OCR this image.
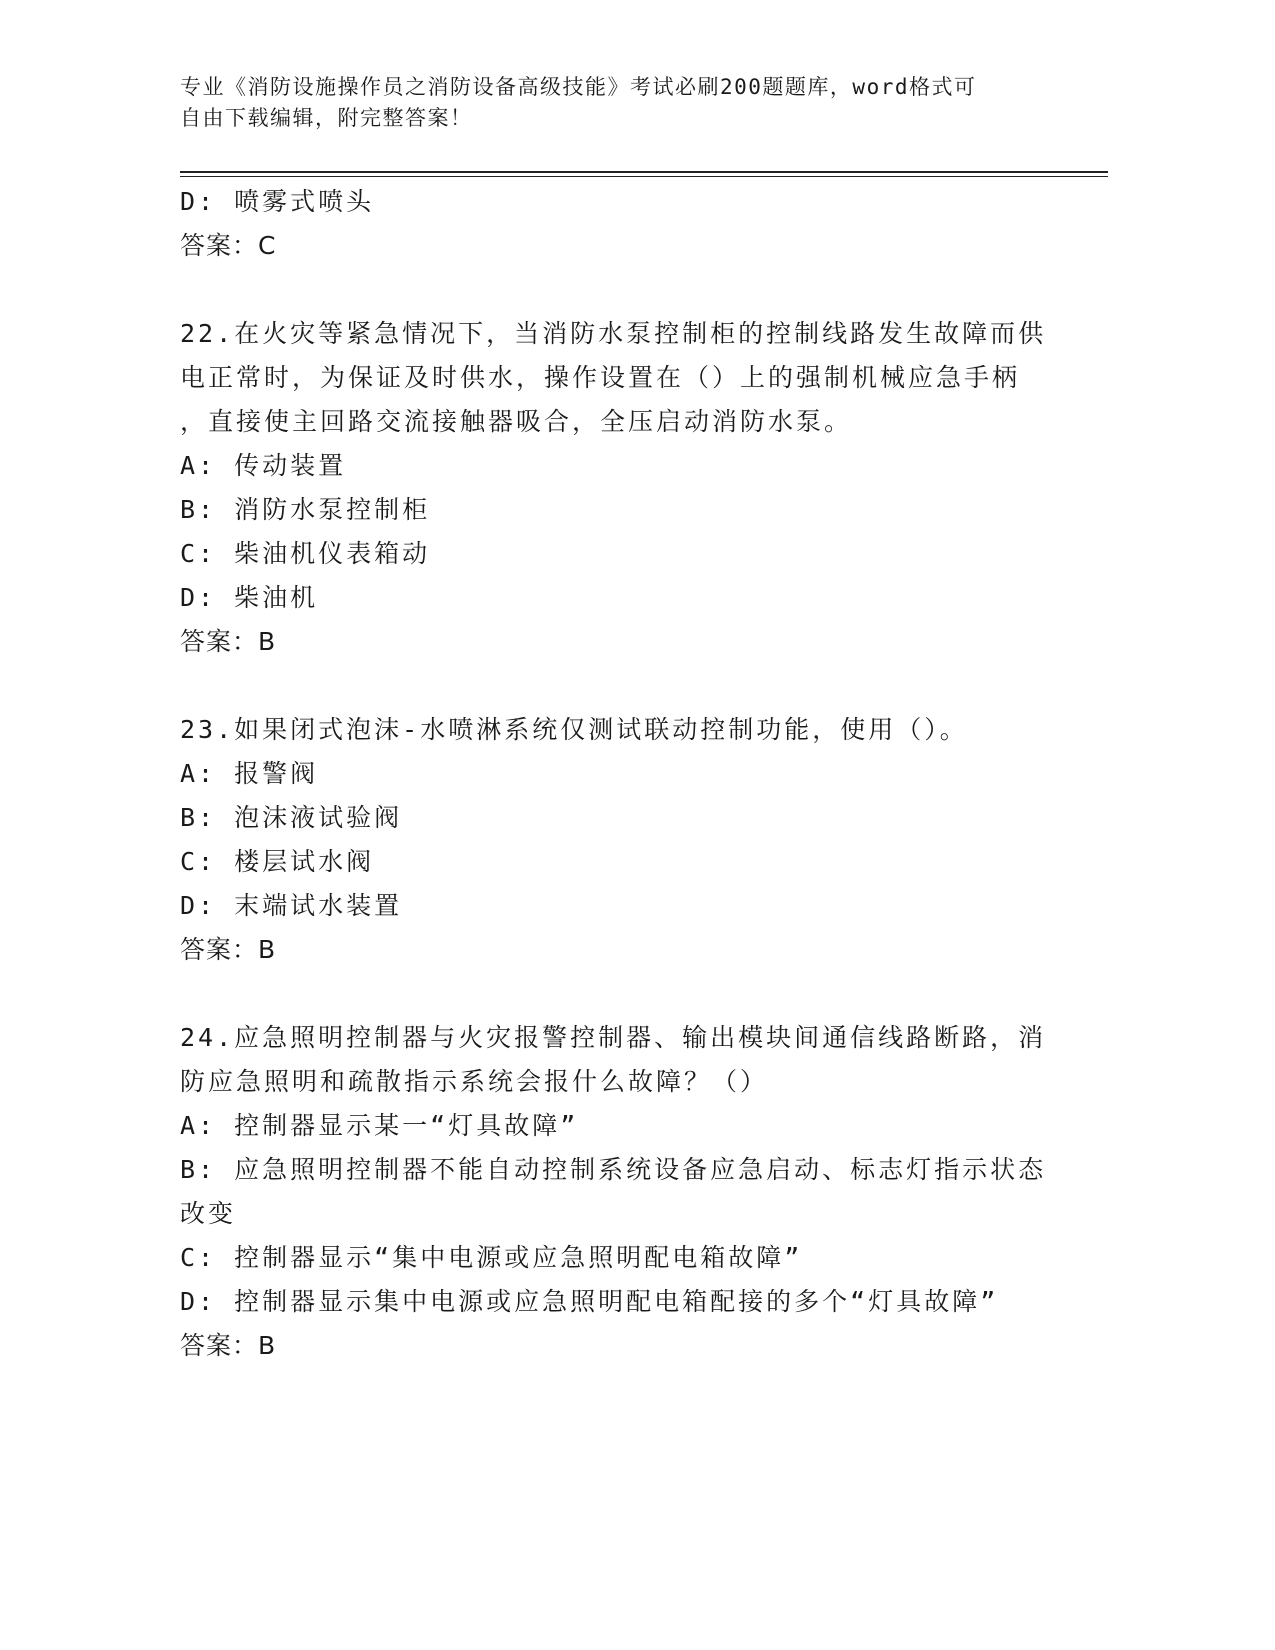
专业《消防设施操作员之消防设备高级技能》考试必刷200题题库，word格式可
自由下载编辑，附完整答案！
D: 喷雾式喷头
答案：C
22.在火灾等紧急情况下，当消防水泵控制柜的控制线路发生故障而供
电正常时，为保证及时供水，操作设置在（）上的强制机械应急手柄
，直接使主回路交流接触器吸合，全压启动消防水泵。
A: 传动装置
B: 消防水泵控制柜
C: 柴油机仪表箱动
D: 柴油机
答案：B
23.如果闭式泡沫-水喷淋系统仅测试联动控制功能，使用（）。
A: 报警阀
B: 泡沫液试验阀
C: 楼层试水阀
D: 末端试水装置
答案：B
24.应急照明控制器与火灾报警控制器、输出模块间通信线路断路，消
防应急照明和疏散指示系统会报什么故障？（）
A: 控制器显示某一“灯具故障”
B: 应急照明控制器不能自动控制系统设备应急启动、标志灯指示状态
改变
C: 控制器显示“集中电源或应急照明配电箱故障”
D: 控制器显示集中电源或应急照明配电箱配接的多个“灯具故障”
答案：B
